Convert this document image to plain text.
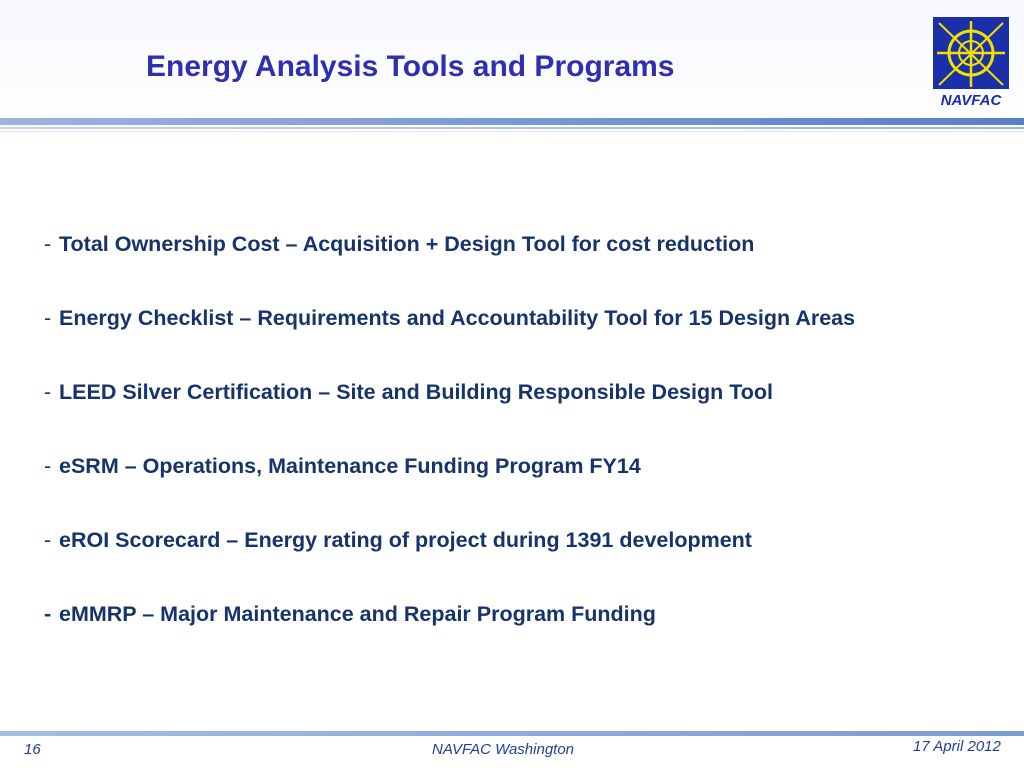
Energy Analysis Tools and Programs
NAVFAC
- Total Ownership Cost – Acquisition + Design Tool for cost reduction
- Energy Checklist – Requirements and Accountability Tool for 15 Design Areas
- LEED Silver Certification – Site and Building Responsible Design Tool
- eSRM – Operations, Maintenance Funding Program FY14
- eROI Scorecard – Energy rating of project during 1391 development
- eMMRP – Major Maintenance and Repair Program Funding
16	NAVFAC Washington	17 April 2012
